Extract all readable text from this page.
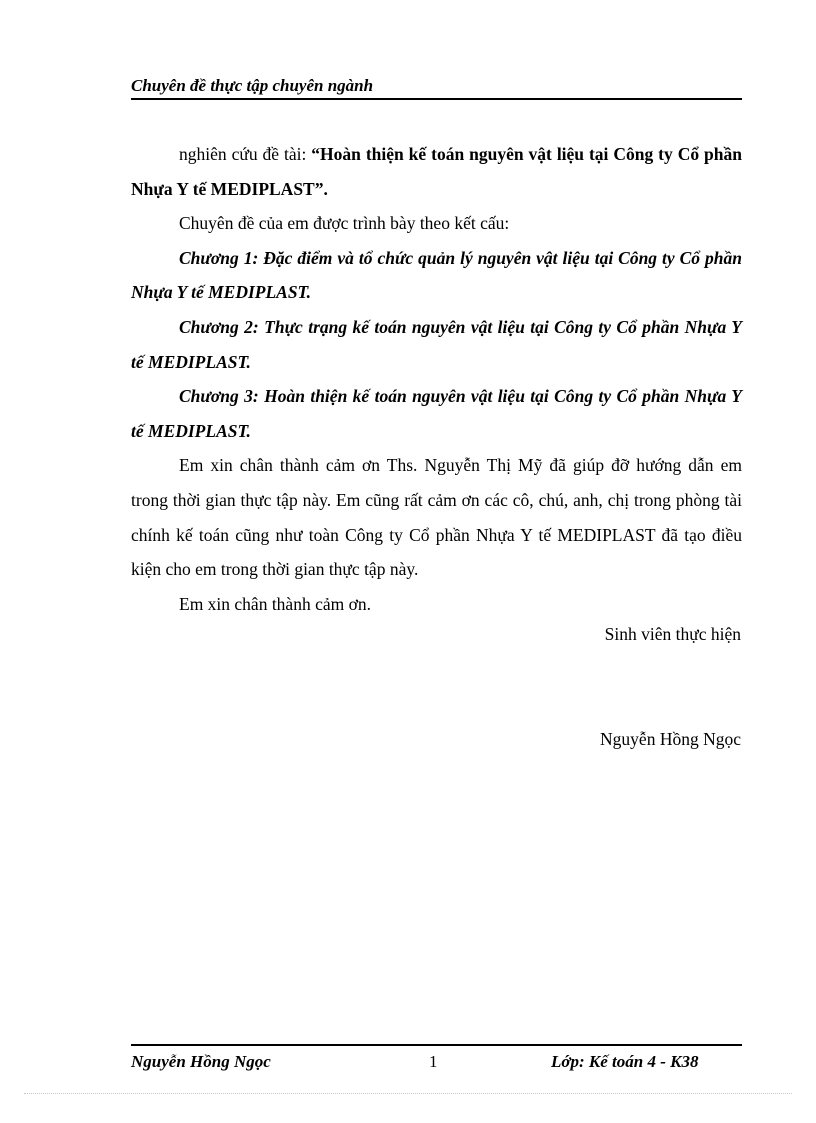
Chuyên đề thực tập chuyên ngành

nghiên cứu đề tài: “Hoàn thiện kế toán nguyên vật liệu tại Công ty Cổ phần Nhựa Y tế MEDIPLAST”.

Chuyên đề của em được trình bày theo kết cấu:

Chương 1: Đặc điểm và tổ chức quản lý nguyên vật liệu tại Công ty Cổ phần Nhựa Y tế MEDIPLAST.

Chương 2: Thực trạng kế toán nguyên vật liệu tại Công ty Cổ phần Nhựa Y tế MEDIPLAST.

Chương 3: Hoàn thiện kế toán nguyên vật liệu tại Công ty Cổ phần Nhựa Y tế MEDIPLAST.

Em xin chân thành cảm ơn Ths. Nguyễn Thị Mỹ đã giúp đỡ hướng dẫn em trong thời gian thực tập này. Em cũng rất cảm ơn các cô, chú, anh, chị trong phòng tài chính kế toán cũng như toàn Công ty Cổ phần Nhựa Y tế MEDIPLAST đã tạo điều kiện cho em trong thời gian thực tập này.

Em xin chân thành cảm ơn.

Sinh viên thực hiện
Nguyễn Hồng Ngọc
Nguyễn Hồng Ngọc	1	Lớp: Kế toán 4 - K38
